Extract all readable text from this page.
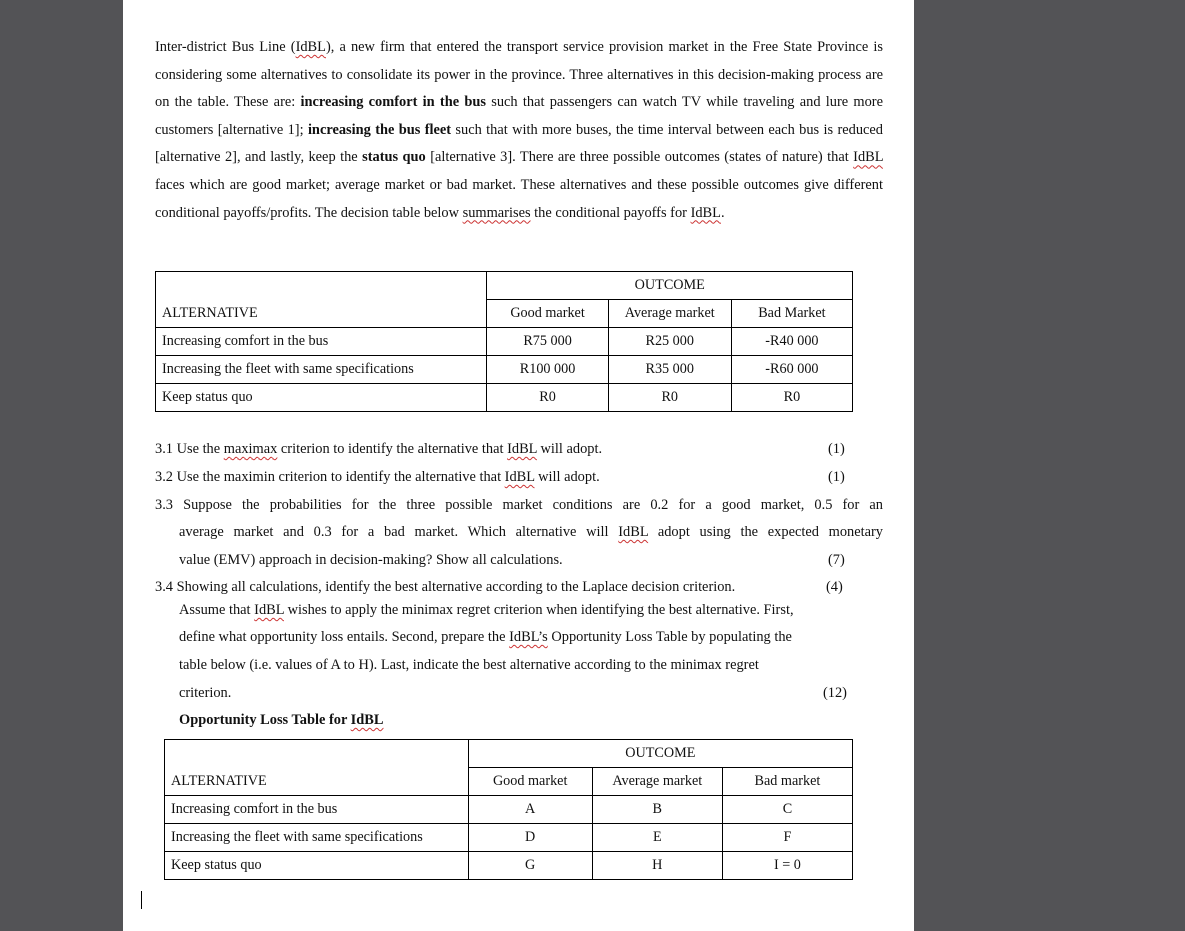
Inter-district Bus Line (IdBL), a new firm that entered the transport service provision market in the Free State Province is considering some alternatives to consolidate its power in the province. Three alternatives in this decision-making process are on the table. These are: increasing comfort in the bus such that passengers can watch TV while traveling and lure more customers [alternative 1]; increasing the bus fleet such that with more buses, the time interval between each bus is reduced [alternative 2], and lastly, keep the status quo [alternative 3]. There are three possible outcomes (states of nature) that IdBL faces which are good market; average market or bad market. These alternatives and these possible outcomes give different conditional payoffs/profits. The decision table below summarises the conditional payoffs for IdBL.

ALTERNATIVE	OUTCOME		
	Good market	Average market	Bad Market
Increasing comfort in the bus	R75 000	R25 000	-R40 000
Increasing the fleet with same specifications	R100 000	R35 000	-R60 000
Keep status quo	R0	R0	R0

3.1 Use the maximax criterion to identify the alternative that IdBL will adopt.	(1)

3.2 Use the maximin criterion to identify the alternative that IdBL will adopt.	(1)

3.3 Suppose the probabilities for the three possible market conditions are 0.2 for a good market, 0.5 for an

average market and 0.3 for a bad market. Which alternative will IdBL adopt using the expected monetary

value (EMV) approach in decision-making? Show all calculations.	(7)

3.4 Showing all calculations, identify the best alternative according to the Laplace decision criterion.	(4)

Assume that IdBL wishes to apply the minimax regret criterion when identifying the best alternative. First,

define what opportunity loss entails. Second, prepare the IdBL’s Opportunity Loss Table by populating the

table below (i.e. values of A to H). Last, indicate the best alternative according to the minimax regret

criterion.	(12)

Opportunity Loss Table for IdBL

ALTERNATIVE	OUTCOME		
	Good market	Average market	Bad market
Increasing comfort in the bus	A	B	C
Increasing the fleet with same specifications	D	E	F
Keep status quo	G	H	I = 0
